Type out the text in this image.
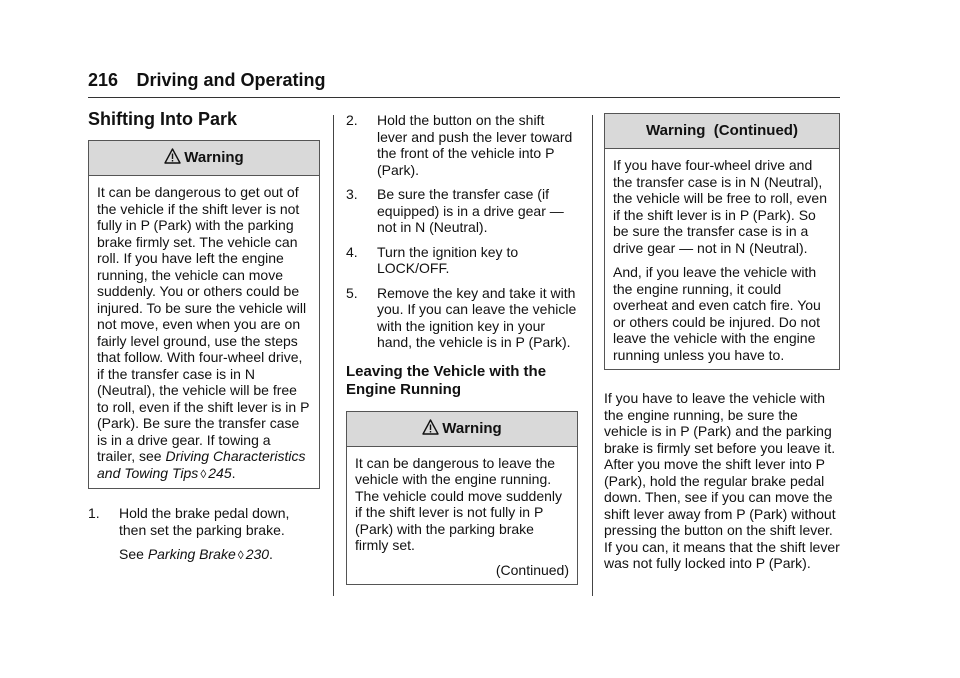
216 Driving and Operating
Shifting Into Park
Warning

It can be dangerous to get out of the vehicle if the shift lever is not fully in P (Park) with the parking brake firmly set. The vehicle can roll. If you have left the engine running, the vehicle can move suddenly. You or others could be injured. To be sure the vehicle will not move, even when you are on fairly level ground, use the steps that follow. With four-wheel drive, if the transfer case is in N (Neutral), the vehicle will be free to roll, even if the shift lever is in P (Park). Be sure the transfer case is in a drive gear. If towing a trailer, see Driving Characteristics and Towing Tips ◊ 245.

1. Hold the brake pedal down, then set the parking brake.

See Parking Brake ◊ 230.

2. Hold the button on the shift lever and push the lever toward the front of the vehicle into P (Park).
3. Be sure the transfer case (if equipped) is in a drive gear — not in N (Neutral).
4. Turn the ignition key to LOCK/OFF.
5. Remove the key and take it with you. If you can leave the vehicle with the ignition key in your hand, the vehicle is in P (Park).
Leaving the Vehicle with the Engine Running
Warning

It can be dangerous to leave the vehicle with the engine running. The vehicle could move suddenly if the shift lever is not fully in P (Park) with the parking brake firmly set.

(Continued)
Warning  (Continued)

If you have four-wheel drive and the transfer case is in N (Neutral), the vehicle will be free to roll, even if the shift lever is in P (Park). So be sure the transfer case is in a drive gear — not in N (Neutral).

And, if you leave the vehicle with the engine running, it could overheat and even catch fire. You or others could be injured. Do not leave the vehicle with the engine running unless you have to.

If you have to leave the vehicle with the engine running, be sure the vehicle is in P (Park) and the parking brake is firmly set before you leave it. After you move the shift lever into P (Park), hold the regular brake pedal down. Then, see if you can move the shift lever away from P (Park) without pressing the button on the shift lever. If you can, it means that the shift lever was not fully locked into P (Park).
